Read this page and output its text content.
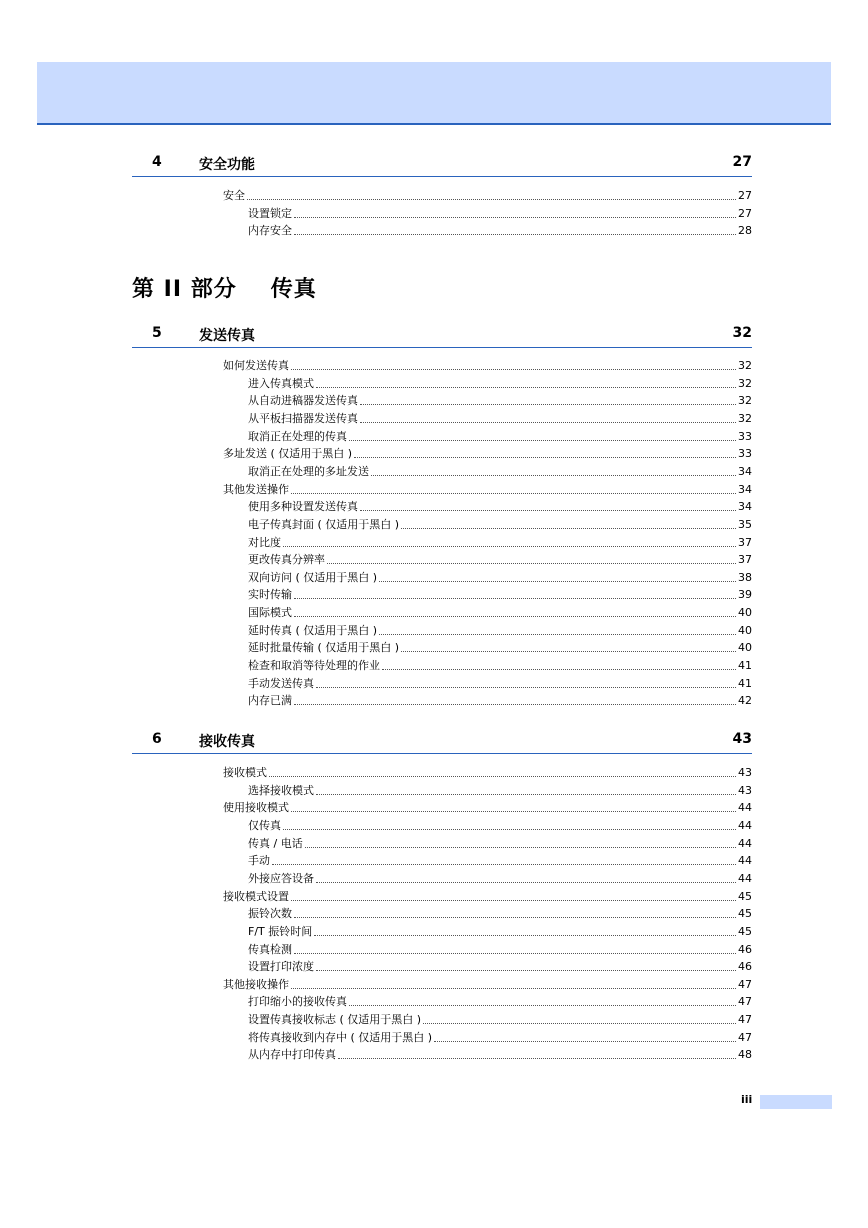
4	安全功能	27
安全	27
设置锁定	27
内存安全	28
第 II 部分 传真
5	发送传真	32
如何发送传真	32
进入传真模式	32
从自动进稿器发送传真	32
从平板扫描器发送传真	32
取消正在处理的传真	33
多址发送 ( 仅适用于黑白 )	33
取消正在处理的多址发送	34
其他发送操作	34
使用多种设置发送传真	34
电子传真封面 ( 仅适用于黑白 )	35
对比度	37
更改传真分辨率	37
双向访问 ( 仅适用于黑白 )	38
实时传输	39
国际模式	40
延时传真 ( 仅适用于黑白 )	40
延时批量传输 ( 仅适用于黑白 )	40
检查和取消等待处理的作业	41
手动发送传真	41
内存已满	42
6	接收传真	43
接收模式	43
选择接收模式	43
使用接收模式	44
仅传真	44
传真 / 电话	44
手动	44
外接应答设备	44
接收模式设置	45
振铃次数	45
F/T 振铃时间	45
传真检测	46
设置打印浓度	46
其他接收操作	47
打印缩小的接收传真	47
设置传真接收标志 ( 仅适用于黑白 )	47
将传真接收到内存中 ( 仅适用于黑白 )	47
从内存中打印传真	48
iii
